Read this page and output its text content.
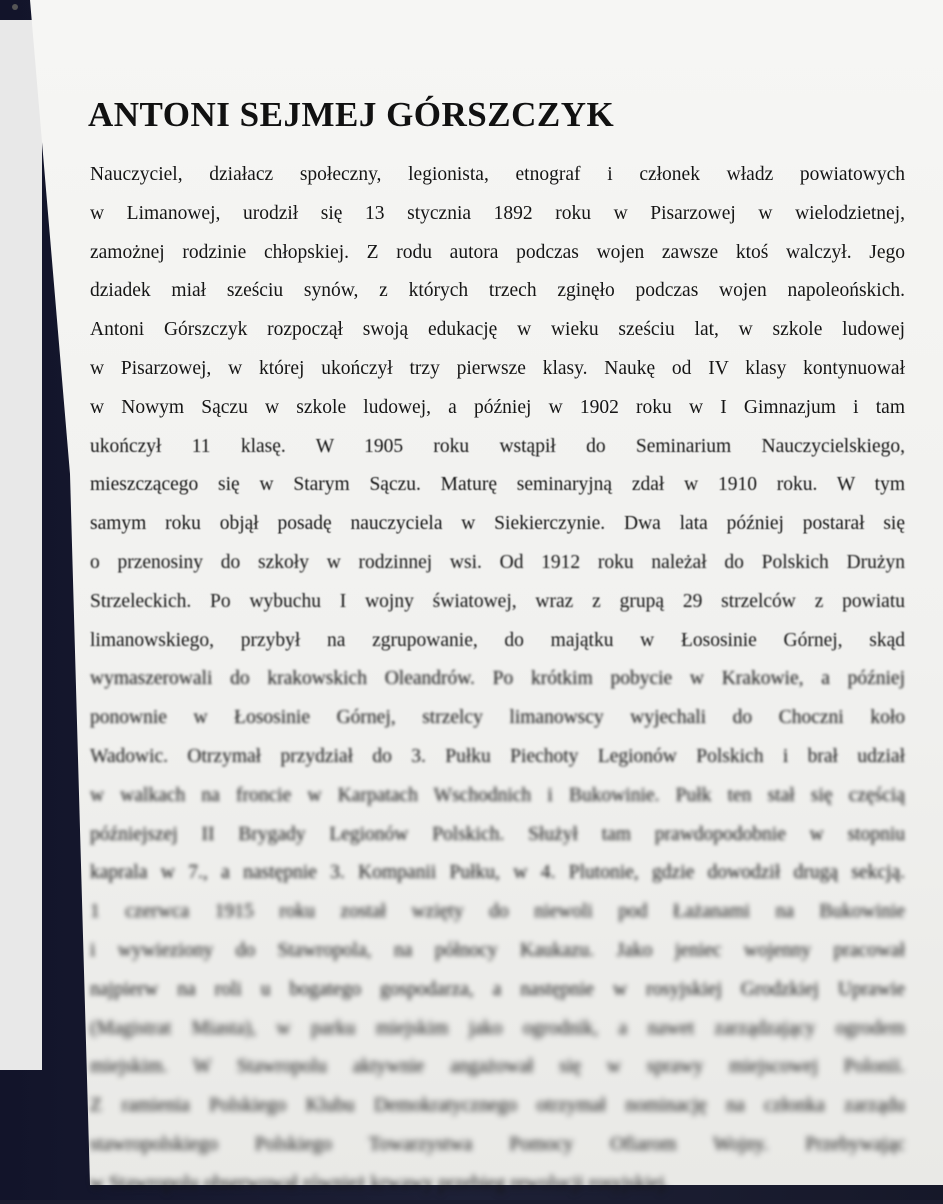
ANTONI SEJMEJ GÓRSZCZYK
Nauczyciel, działacz społeczny, legionista, etnograf i członek władz powiatowych
w Limanowej, urodził się 13 stycznia 1892 roku w Pisarzowej w wielodzietnej,
zamożnej rodzinie chłopskiej. Z rodu autora podczas wojen zawsze ktoś walczył. Jego
dziadek miał sześciu synów, z których trzech zginęło podczas wojen napoleońskich.
Antoni Górszczyk rozpoczął swoją edukację w wieku sześciu lat, w szkole ludowej
w Pisarzowej, w której ukończył trzy pierwsze klasy. Naukę od IV klasy kontynuował
w Nowym Sączu w szkole ludowej, a później w 1902 roku w I Gimnazjum i tam
ukończył 11 klasę. W 1905 roku wstąpił do Seminarium Nauczycielskiego,
mieszczącego się w Starym Sączu. Maturę seminaryjną zdał w 1910 roku. W tym
samym roku objął posadę nauczyciela w Siekierczynie. Dwa lata później postarał się
o przenosiny do szkoły w rodzinnej wsi. Od 1912 roku należał do Polskich Drużyn
Strzeleckich. Po wybuchu I wojny światowej, wraz z grupą 29 strzelców z powiatu
limanowskiego, przybył na zgrupowanie, do majątku w Łososinie Górnej, skąd
wymaszerowali do krakowskich Oleandrów. Po krótkim pobycie w Krakowie, a później
ponownie w Łososinie Górnej, strzelcy limanowscy wyjechali do Choczni koło
Wadowic. Otrzymał przydział do 3. Pułku Piechoty Legionów Polskich i brał udział
w walkach na froncie w Karpatach Wschodnich i Bukowinie. Pułk ten stał się częścią
późniejszej II Brygady Legionów Polskich. Służył tam prawdopodobnie w stopniu
kaprala w 7., a następnie 3. Kompanii Pułku, w 4. Plutonie, gdzie dowodził drugą sekcją.
1 czerwca 1915 roku został wzięty do niewoli pod Łażanami na Bukowinie
i wywieziony do Stawropola, na północy Kaukazu. Jako jeniec wojenny pracował
najpierw na roli u bogatego gospodarza, a następnie w rosyjskiej Grodzkiej Uprawie
(Magistrat Miasta), w parku miejskim jako ogrodnik, a nawet zarządzający ogrodem
miejskim. W Stawropolu aktywnie angażował się w sprawy miejscowej Polonii.
Z ramienia Polskiego Klubu Demokratycznego otrzymał nominację na członka zarządu
stawropolskiego Polskiego Towarzystwa Pomocy Ofiarom Wojny. Przebywając
w Stawropolu obserwował również krwawy przebieg rewolucji rosyjskiej.
